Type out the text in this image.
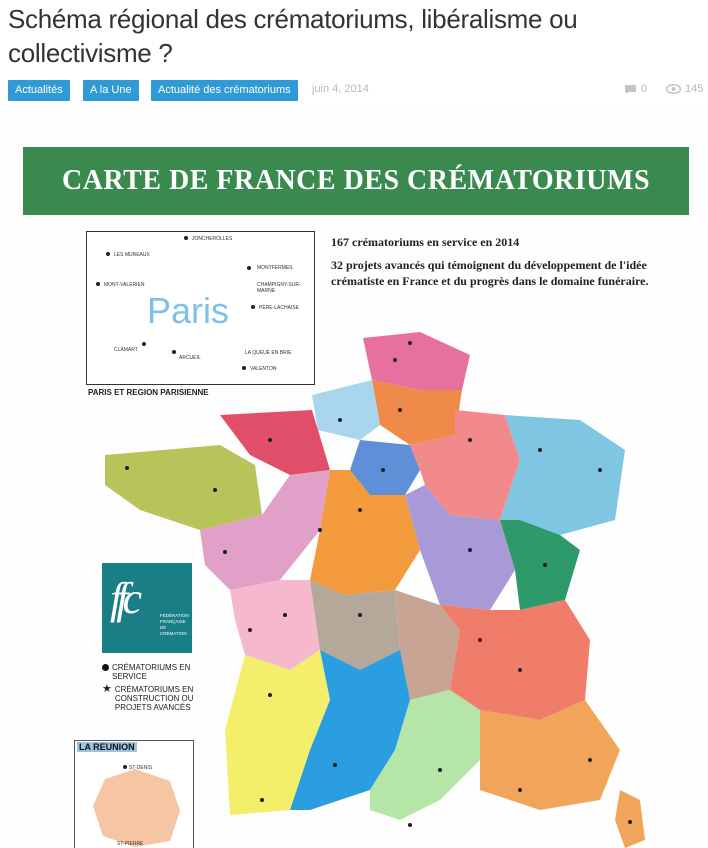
Schéma régional des crématoriums, libéralisme ou collectivisme ?
Actualités	A la Une	Actualité des crématoriums	juin 4, 2014	0	145
CARTE DE FRANCE DES CRÉMATORIUMS
Paris
JONCHEROLLES
LES MUREAUX
MONTFERMEIL
MONT-VALERIEN	CHAMPIGNY-SUR-MARNE
PÈRE-LACHAISE
CLAMART
ARCUEIL
LA QUEUE EN BRIE
VALENTON
PARIS ET REGION PARISIENNE
167 crématoriums en service en 2014
32 projets avancés qui témoignent du développement de l'idée crématiste en France et du progrès dans le domaine funéraire.
ffc	FÉDÉRATION FRANÇAISE DE CRÉMATION
CRÉMATORIUMS EN SERVICE
★ CRÉMATORIUMS EN CONSTRUCTION OU PROJETS AVANCÉS
LA REUNION
ST-DENIS
ST-PIERRE
